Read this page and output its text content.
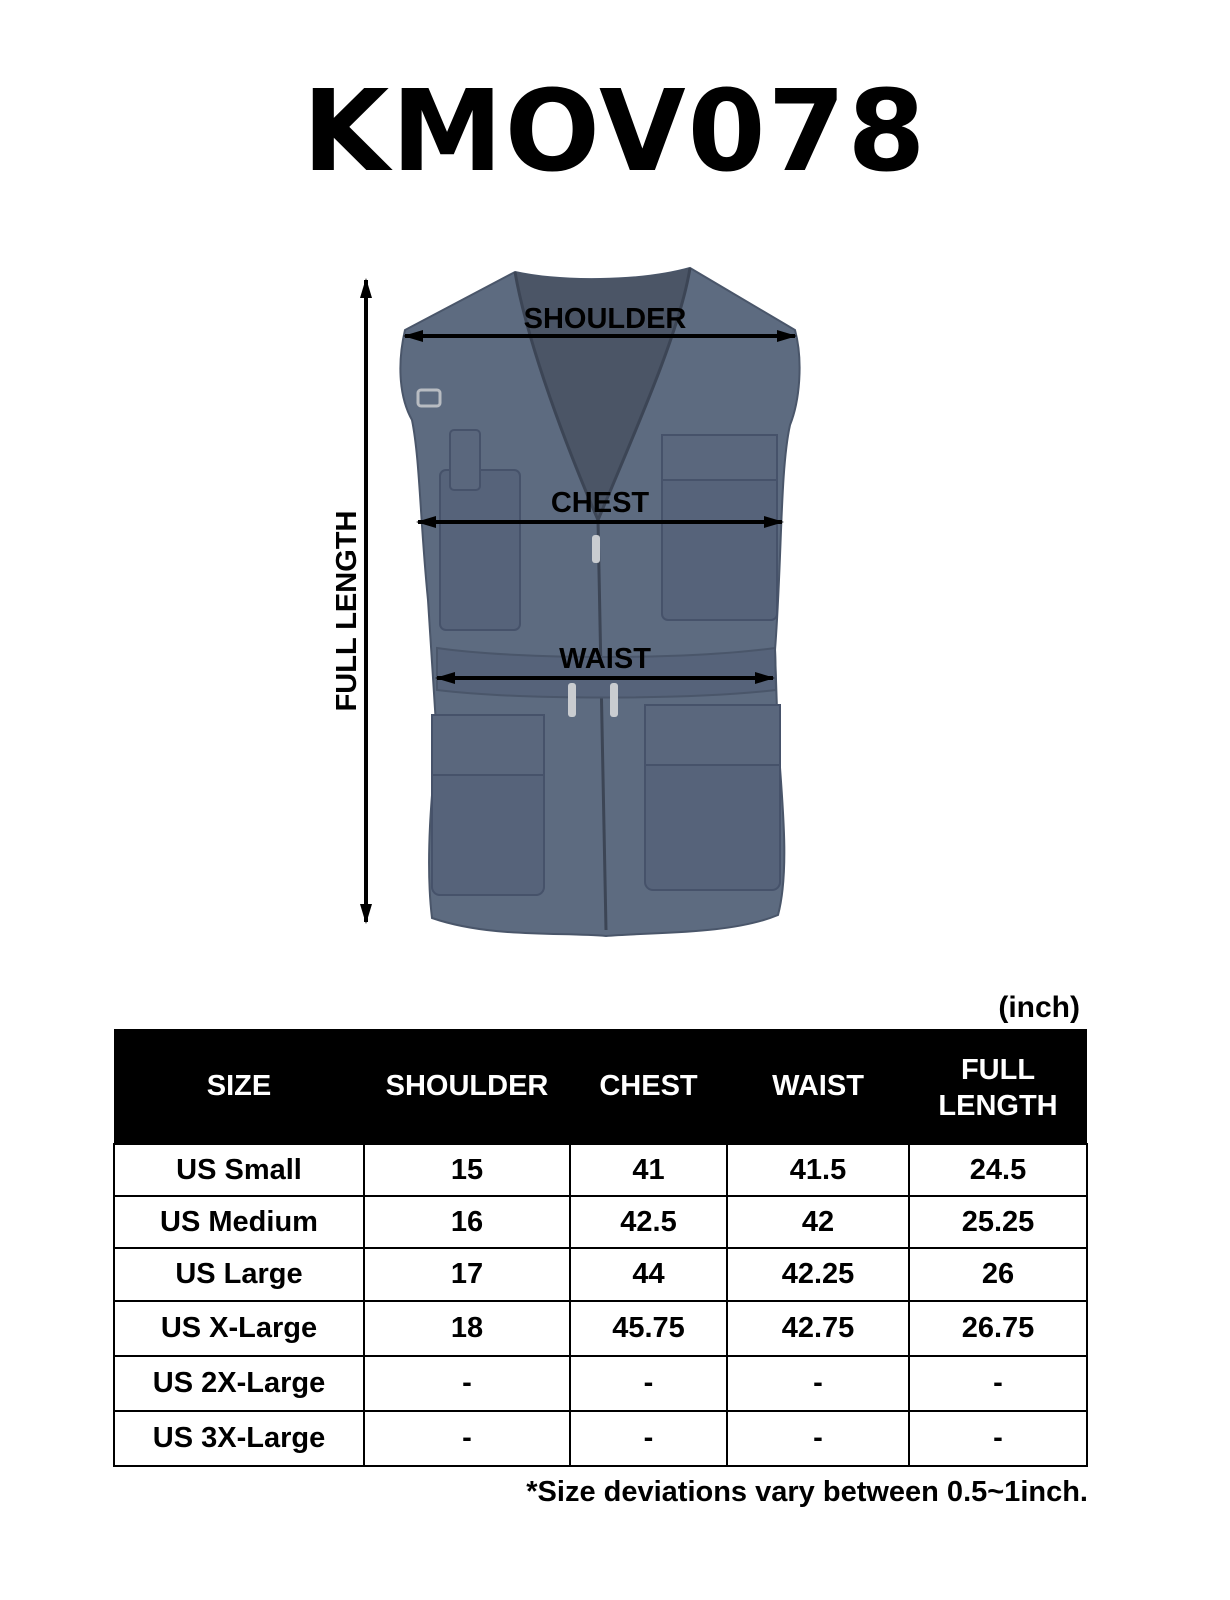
KMOV078
SHOULDER
CHEST
WAIST
FULL LENGTH
(inch)
SIZE	SHOULDER	CHEST	WAIST	FULL
LENGTH
US Small	15	41	41.5	24.5
US Medium	16	42.5	42	25.25
US Large	17	44	42.25	26
US X-Large	18	45.75	42.75	26.75
US 2X-Large	-	-	-	-
US 3X-Large	-	-	-	-
*Size deviations vary between 0.5~1inch.
